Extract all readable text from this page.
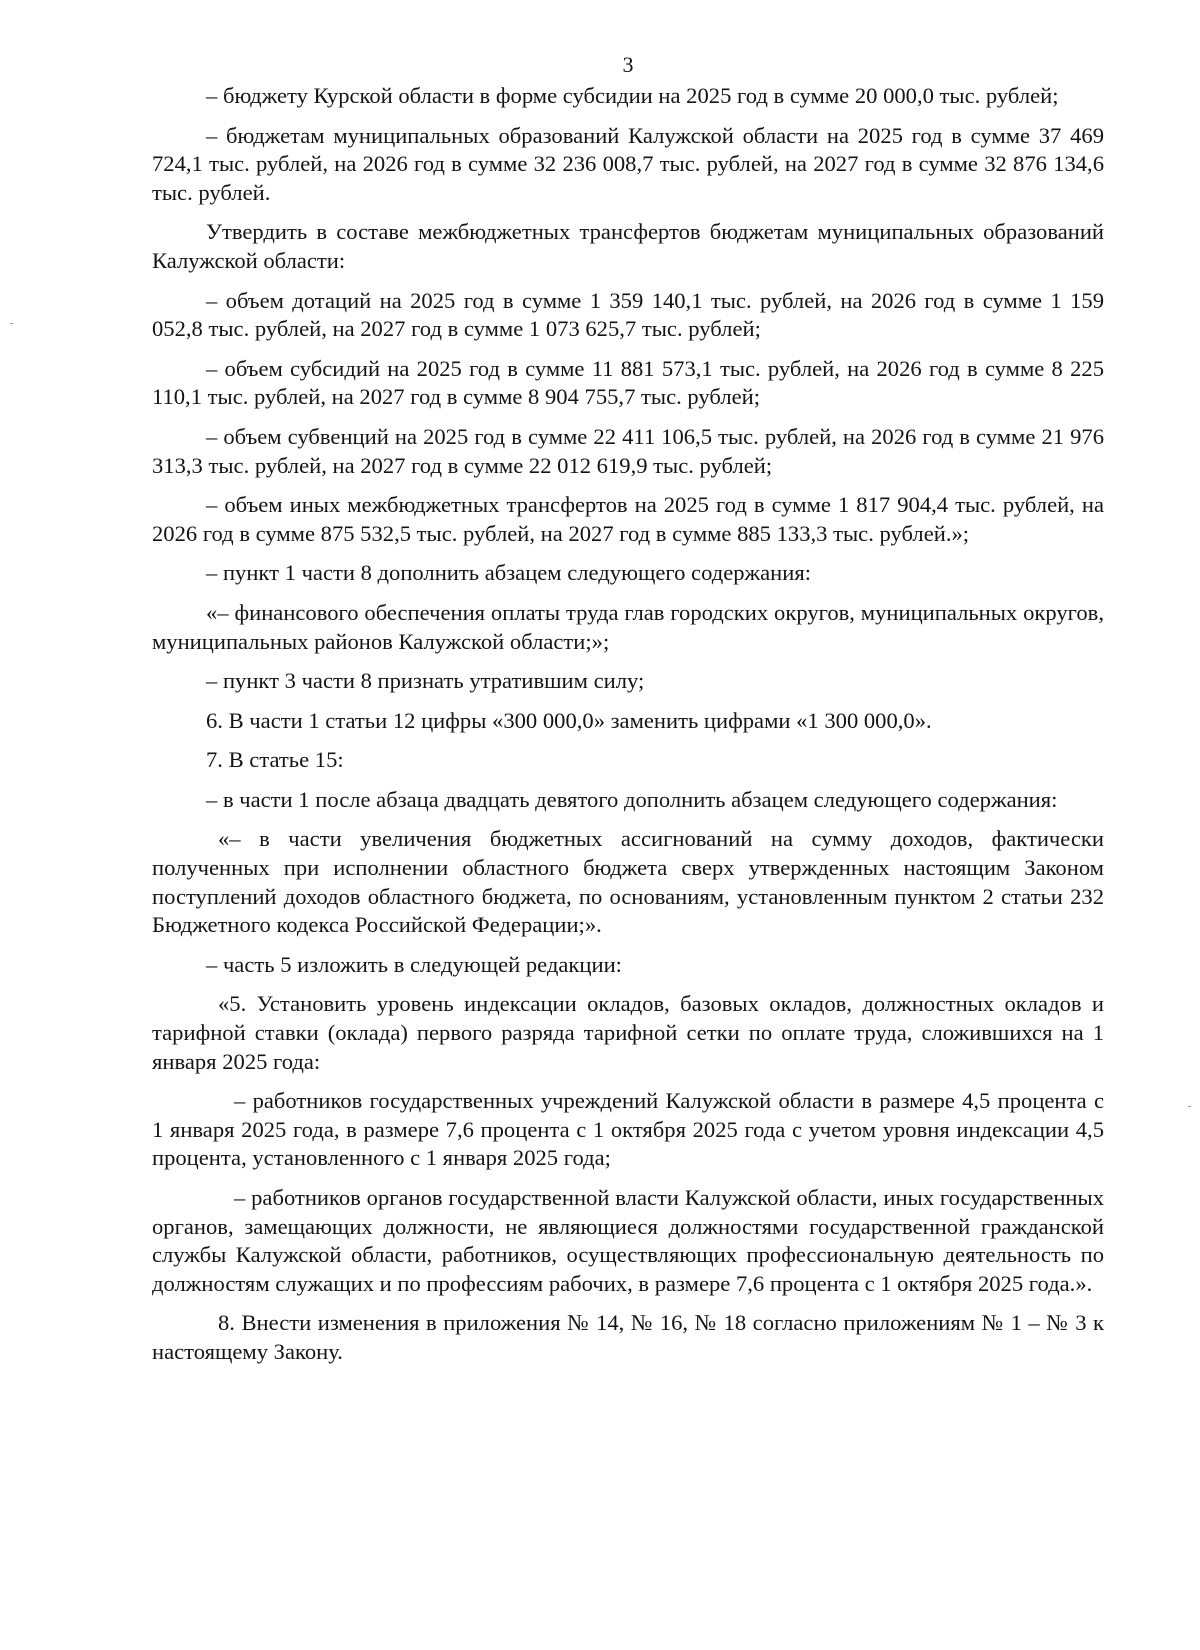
3

– бюджету Курской области в форме субсидии на 2025 год в сумме 20 000,0 тыс. рублей;

– бюджетам муниципальных образований Калужской области на 2025 год в сумме 37 469 724,1 тыс. рублей, на 2026 год в сумме 32 236 008,7 тыс. рублей, на 2027 год в сумме 32 876 134,6 тыс. рублей.

Утвердить в составе межбюджетных трансфертов бюджетам муниципальных образований Калужской области:

– объем дотаций на 2025 год в сумме 1 359 140,1 тыс. рублей, на 2026 год в сумме 1 159 052,8 тыс. рублей, на 2027 год в сумме 1 073 625,7 тыс. рублей;

– объем субсидий на 2025 год в сумме 11 881 573,1 тыс. рублей, на 2026 год в сумме 8 225 110,1 тыс. рублей, на 2027 год в сумме 8 904 755,7 тыс. рублей;

– объем субвенций на 2025 год в сумме 22 411 106,5 тыс. рублей, на 2026 год в сумме 21 976 313,3 тыс. рублей, на 2027 год в сумме 22 012 619,9 тыс. рублей;

– объем иных межбюджетных трансфертов на 2025 год в сумме 1 817 904,4 тыс. рублей, на 2026 год в сумме 875 532,5 тыс. рублей, на 2027 год в сумме 885 133,3 тыс. рублей.»;

– пункт 1 части 8 дополнить абзацем следующего содержания:

«– финансового обеспечения оплаты труда глав городских округов, муниципальных округов, муниципальных районов Калужской области;»;

– пункт 3 части 8 признать утратившим силу;

6. В части 1 статьи 12 цифры «300 000,0» заменить цифрами «1 300 000,0».

7. В статье 15:

– в части 1 после абзаца двадцать девятого дополнить абзацем следующего содержания:

«– в части увеличения бюджетных ассигнований на сумму доходов, фактически полученных при исполнении областного бюджета сверх утвержденных настоящим Законом поступлений доходов областного бюджета, по основаниям, установленным пунктом 2 статьи 232 Бюджетного кодекса Российской Федерации;».

– часть 5 изложить в следующей редакции:

«5. Установить уровень индексации окладов, базовых окладов, должностных окладов и тарифной ставки (оклада) первого разряда тарифной сетки по оплате труда, сложившихся на 1 января 2025 года:

– работников государственных учреждений Калужской области в размере 4,5 процента с 1 января 2025 года, в размере 7,6 процента с 1 октября 2025 года с учетом уровня индексации 4,5 процента, установленного с 1 января 2025 года;

– работников органов государственной власти Калужской области, иных государственных органов, замещающих должности, не являющиеся должностями государственной гражданской службы Калужской области, работников, осуществляющих профессиональную деятельность по должностям служащих и по профессиям рабочих, в размере 7,6 процента с 1 октября 2025 года.».

8. Внести изменения в приложения № 14, № 16, № 18 согласно приложениям № 1 – № 3 к настоящему Закону.
